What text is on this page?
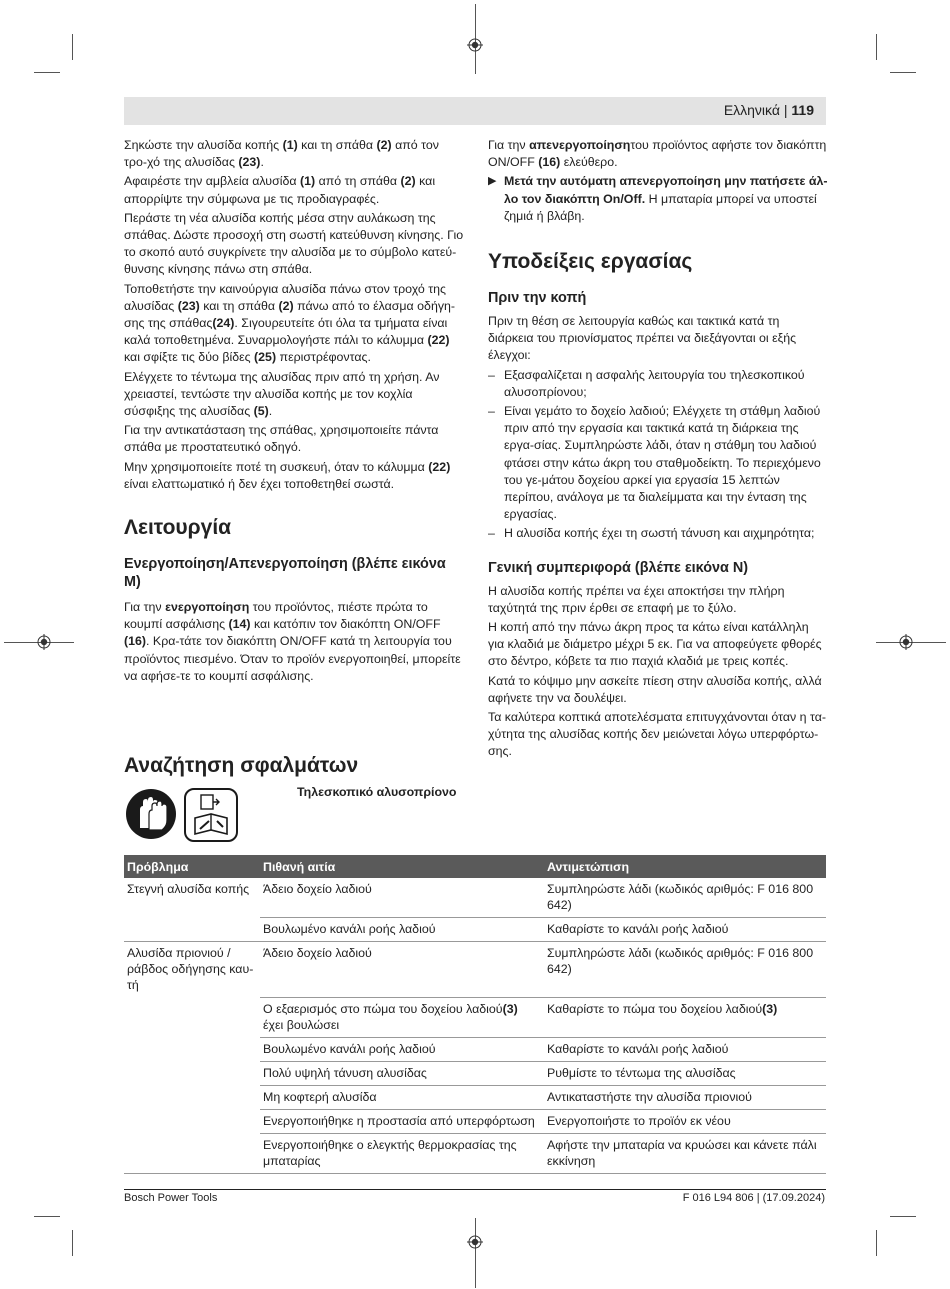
Ελληνικά | 119

Σηκώστε την αλυσίδα κοπής (1) και τη σπάθα (2) από τον τρο-χό της αλυσίδας (23).

Αφαιρέστε την αμβλεία αλυσίδα (1) από τη σπάθα (2) και απορρίψτε την σύμφωνα με τις προδιαγραφές.

Περάστε τη νέα αλυσίδα κοπής μέσα στην αυλάκωση της σπάθας. Δώστε προσοχή στη σωστή κατεύθυνση κίνησης. Γιο το σκοπό αυτό συγκρίνετε την αλυσίδα με το σύμβολο κατεύ-θυνσης κίνησης πάνω στη σπάθα.

Τοποθετήστε την καινούργια αλυσίδα πάνω στον τροχό της αλυσίδας (23) και τη σπάθα (2) πάνω από το έλασμα οδήγη-σης της σπάθας(24). Σιγουρευτείτε ότι όλα τα τμήματα είναι καλά τοποθετημένα. Συναρμολογήστε πάλι το κάλυμμα (22) και σφίξτε τις δύο βίδες (25) περιστρέφοντας.

Ελέγχετε το τέντωμα της αλυσίδας πριν από τη χρήση. Αν χρειαστεί, τεντώστε την αλυσίδα κοπής με τον κοχλία σύσφιξης της αλυσίδας (5).

Για την αντικατάσταση της σπάθας, χρησιμοποιείτε πάντα σπάθα με προστατευτικό οδηγό.

Μην χρησιμοποιείτε ποτέ τη συσκευή, όταν το κάλυμμα (22) είναι ελαττωματικό ή δεν έχει τοποθετηθεί σωστά.

Λειτουργία
Ενεργοποίηση/Απενεργοποίηση (βλέπε εικόνα M)

Για την ενεργοποίηση του προϊόντος, πιέστε πρώτα το κουμπί ασφάλισης (14) και κατόπιν τον διακόπτη ON/OFF (16). Κρα-τάτε τον διακόπτη ON/OFF κατά τη λειτουργία του προϊόντος πιεσμένο. Όταν το προϊόν ενεργοποιηθεί, μπορείτε να αφήσε-τε το κουμπί ασφάλισης.

Για την απενεργοποίησητου προϊόντος αφήστε τον διακόπτη ON/OFF (16) ελεύθερο.

▶ Μετά την αυτόματη απενεργοποίηση μην πατήσετε άλ-λο τον διακόπτη On/Off. Η μπαταρία μπορεί να υποστεί ζημιά ή βλάβη.
Υποδείξεις εργασίας
Πριν την κοπή

Πριν τη θέση σε λειτουργία καθώς και τακτικά κατά τη διάρκεια του πριονίσματος πρέπει να διεξάγονται οι εξής έλεγχοι:

– Εξασφαλίζεται η ασφαλής λειτουργία του τηλεσκοπικού αλυσοπρίονου;
– Είναι γεμάτο το δοχείο λαδιού; Ελέγχετε τη στάθμη λαδιού πριν από την εργασία και τακτικά κατά τη διάρκεια της εργα-σίας. Συμπληρώστε λάδι, όταν η στάθμη του λαδιού φτάσει στην κάτω άκρη του σταθμοδείκτη. Το περιεχόμενο του γε-μάτου δοχείου αρκεί για εργασία 15 λεπτών περίπου, ανάλογα με τα διαλείμματα και την ένταση της εργασίας.
– Η αλυσίδα κοπής έχει τη σωστή τάνυση και αιχμηρότητα;
Γενική συμπεριφορά (βλέπε εικόνα N)

Η αλυσίδα κοπής πρέπει να έχει αποκτήσει την πλήρη ταχύτητά της πριν έρθει σε επαφή με το ξύλο.

Η κοπή από την πάνω άκρη προς τα κάτω είναι κατάλληλη για κλαδιά με διάμετρο μέχρι 5 εκ. Για να αποφεύγετε φθορές στο δέντρο, κόβετε τα πιο παχιά κλαδιά με τρεις κοπές.

Κατά το κόψιμο μην ασκείτε πίεση στην αλυσίδα κοπής, αλλά αφήνετε την να δουλέψει.

Τα καλύτερα κοπτικά αποτελέσματα επιτυγχάνονται όταν η τα-χύτητα της αλυσίδας κοπής δεν μειώνεται λόγω υπερφόρτω-σης.

Αναζήτηση σφαλμάτων
Τηλεσκοπικό αλυσοπρίονο
Πρόβλημα	Πιθανή αιτία	Αντιμετώπιση
Στεγνή αλυσίδα κοπής	Άδειο δοχείο λαδιού	Συμπληρώστε λάδι (κωδικός αριθμός: F 016 800 642)
	Βουλωμένο κανάλι ροής λαδιού	Καθαρίστε το κανάλι ροής λαδιού
Αλυσίδα πριονιού / ράβδος οδήγησης καυ-τή	Άδειο δοχείο λαδιού	Συμπληρώστε λάδι (κωδικός αριθμός: F 016 800 642)
	Ο εξαερισμός στο πώμα του δοχείου λαδιού(3) έχει βουλώσει	Καθαρίστε το πώμα του δοχείου λαδιού(3)
	Βουλωμένο κανάλι ροής λαδιού	Καθαρίστε το κανάλι ροής λαδιού
	Πολύ υψηλή τάνυση αλυσίδας	Ρυθμίστε το τέντωμα της αλυσίδας
	Μη κοφτερή αλυσίδα	Αντικαταστήστε την αλυσίδα πριονιού
	Ενεργοποιήθηκε η προστασία από υπερφόρτωση	Ενεργοποιήστε το προϊόν εκ νέου
	Ενεργοποιήθηκε ο ελεγκτής θερμοκρασίας της μπαταρίας	Αφήστε την μπαταρία να κρυώσει και κάνετε πάλι εκκίνηση
Bosch Power Tools	F 016 L94 806 | (17.09.2024)
